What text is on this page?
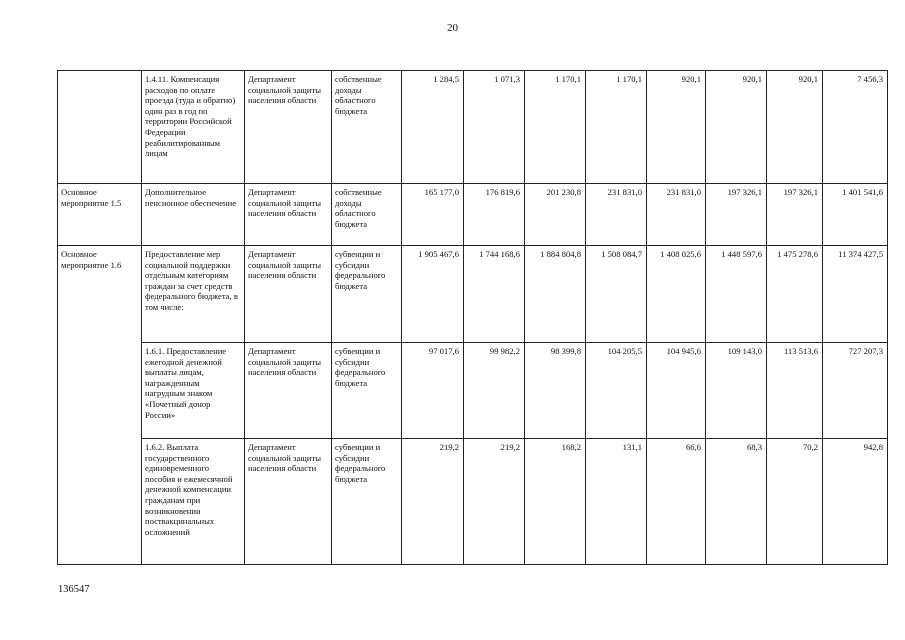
20
	1.4.11. Компенсация расходов по оплате проезда (туда и обратно) один раз в год по территории Российской Федерации реабилитированным лицам	Департамент социальной защиты населения области	собственные доходы областного бюджета	1 284,5	1 071,3	1 170,1	1 170,1	920,1	920,1	920,1	7 456,3
Основное мероприятие 1.5	Дополнительное пенсионное обеспечение	Департамент социальной защиты населения области	собственные доходы областного бюджета	165 177,0	176 819,6	201 230,8	231 831,0	231 831,0	197 326,1	197 326,1	1 401 541,6
Основное мероприятие 1.6	Предоставление мер социальной поддержки отдельным категориям граждан за счет средств федерального бюджета, в том числе:	Департамент социальной защиты населения области	субвенции и субсидии федерального бюджета	1 905 467,6	1 744 168,6	1 884 804,8	1 508 084,7	1 408 025,6	1 448 597,6	1 475 278,6	11 374 427,5
	1.6.1. Предоставление ежегодной денежной выплаты лицам, награжденным нагрудным знаком «Почетный донор России»	Департамент социальной защиты населения области	субвенции и субсидии федерального бюджета	97 017,6	99 982,2	98 399,8	104 205,5	104 945,6	109 143,0	113 513,6	727 207,3
	1.6.2. Выплата государственного единовременного пособия и ежемесячной денежной компенсации гражданам при возникновении поствакцинальных осложнений	Департамент социальной защиты населения области	субвенции и субсидии федерального бюджета	219,2	219,2	168,2	131,1	66,6	68,3	70,2	942,8
136547
